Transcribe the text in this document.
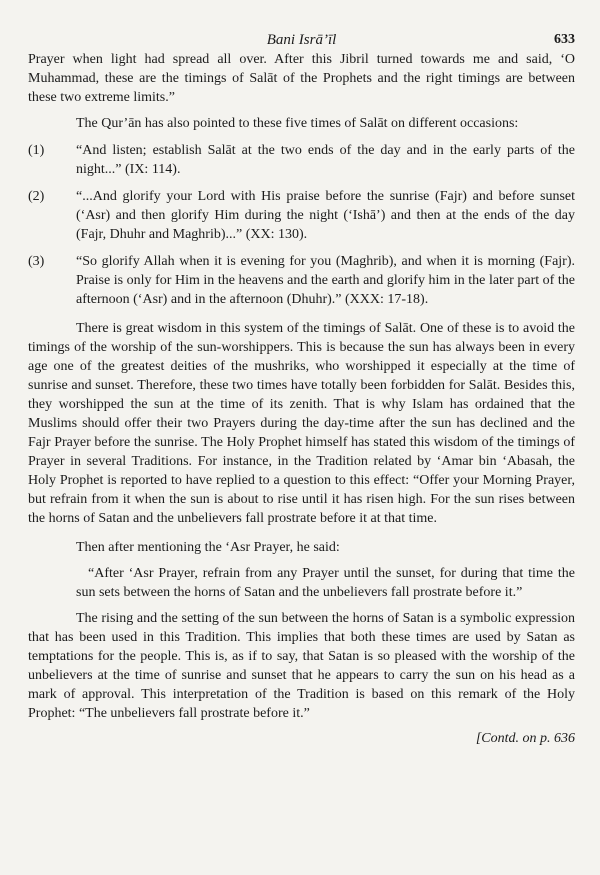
Bani Isrā’īl	633

Prayer when light had spread all over. After this Jibril turned towards me and said, ‘O Muhammad, these are the timings of Salāt of the Prophets and the right timings are between these two extreme limits.”

The Qur’ān has also pointed to these five times of Salāt on different occasions:

(1) “And listen; establish Salāt at the two ends of the day and in the early parts of the night...” (IX: 114).
(2) “...And glorify your Lord with His praise before the sunrise (Fajr) and before sunset (‘Asr) and then glorify Him during the night (‘Ishā’) and then at the ends of the day (Fajr, Dhuhr and Maghrib)...” (XX: 130).
(3) “So glorify Allah when it is evening for you (Maghrib), and when it is morning (Fajr). Praise is only for Him in the heavens and the earth and glorify him in the later part of the afternoon (‘Asr) and in the afternoon (Dhuhr).” (XXX: 17-18).

There is great wisdom in this system of the timings of Salāt. One of these is to avoid the timings of the worship of the sun-worshippers. This is because the sun has always been in every age one of the greatest deities of the mushriks, who worshipped it especially at the time of sunrise and sunset. Therefore, these two times have totally been forbidden for Salāt. Besides this, they worshipped the sun at the time of its zenith. That is why Islam has ordained that the Muslims should offer their two Prayers during the day-time after the sun has declined and the Fajr Prayer before the sunrise. The Holy Prophet himself has stated this wisdom of the timings of Prayer in several Traditions. For instance, in the Tradition related by ‘Amar bin ‘Abasah, the Holy Prophet is reported to have replied to a question to this effect: “Offer your Morning Prayer, but refrain from it when the sun is about to rise until it has risen high. For the sun rises between the horns of Satan and the unbelievers fall prostrate before it at that time.

Then after mentioning the ‘Asr Prayer, he said:

“After ‘Asr Prayer, refrain from any Prayer until the sunset, for during that time the sun sets between the horns of Satan and the unbelievers fall prostrate before it.”

The rising and the setting of the sun between the horns of Satan is a symbolic expression that has been used in this Tradition. This implies that both these times are used by Satan as temptations for the people. This is, as if to say, that Satan is so pleased with the worship of the unbelievers at the time of sunrise and sunset that he appears to carry the sun on his head as a mark of approval. This interpretation of the Tradition is based on this remark of the Holy Prophet: “The unbelievers fall prostrate before it.”

[Contd. on p. 636
